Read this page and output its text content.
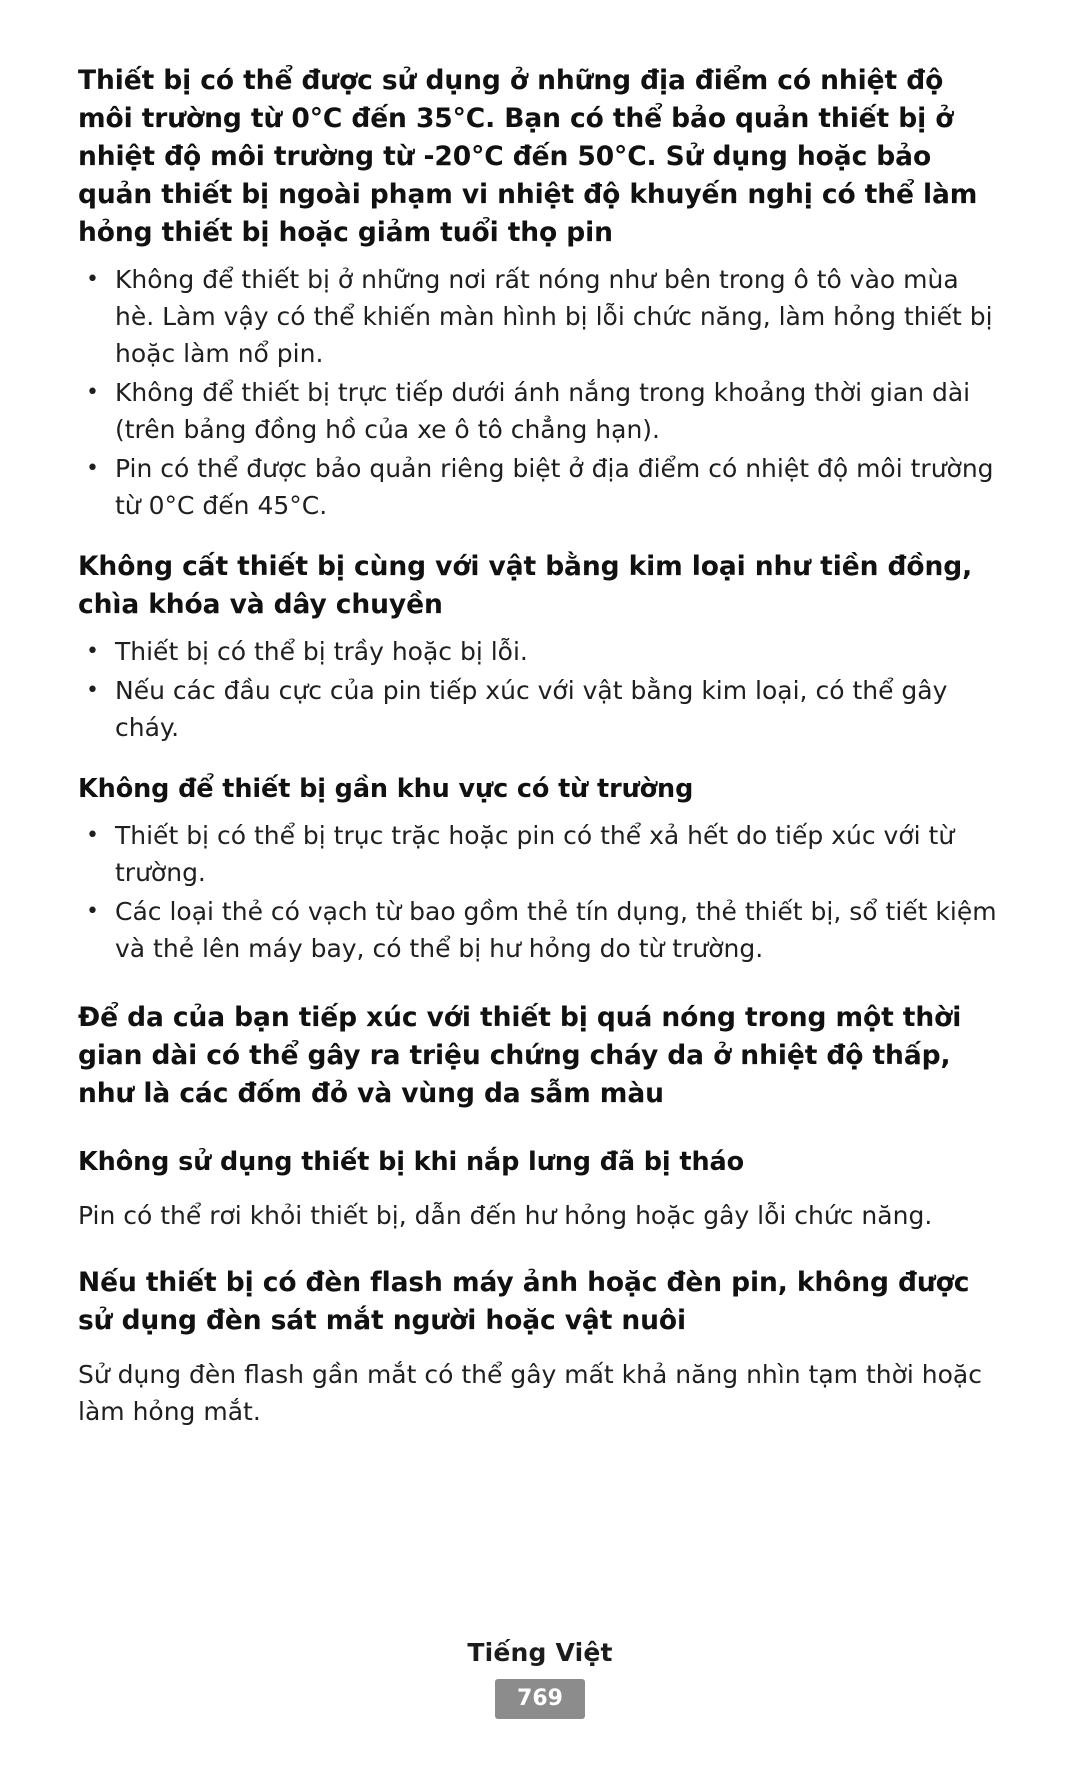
Thiết bị có thể được sử dụng ở những địa điểm có nhiệt độ môi trường từ 0°C đến 35°C. Bạn có thể bảo quản thiết bị ở nhiệt độ môi trường từ -20°C đến 50°C. Sử dụng hoặc bảo quản thiết bị ngoài phạm vi nhiệt độ khuyến nghị có thể làm hỏng thiết bị hoặc giảm tuổi thọ pin
• Không để thiết bị ở những nơi rất nóng như bên trong ô tô vào mùa hè. Làm vậy có thể khiến màn hình bị lỗi chức năng, làm hỏng thiết bị hoặc làm nổ pin.
• Không để thiết bị trực tiếp dưới ánh nắng trong khoảng thời gian dài (trên bảng đồng hồ của xe ô tô chẳng hạn).
• Pin có thể được bảo quản riêng biệt ở địa điểm có nhiệt độ môi trường từ 0°C đến 45°C.
Không cất thiết bị cùng với vật bằng kim loại như tiền đồng, chìa khóa và dây chuyền
• Thiết bị có thể bị trầy hoặc bị lỗi.
• Nếu các đầu cực của pin tiếp xúc với vật bằng kim loại, có thể gây cháy.
Không để thiết bị gần khu vực có từ trường
• Thiết bị có thể bị trục trặc hoặc pin có thể xả hết do tiếp xúc với từ trường.
• Các loại thẻ có vạch từ bao gồm thẻ tín dụng, thẻ thiết bị, sổ tiết kiệm và thẻ lên máy bay, có thể bị hư hỏng do từ trường.
Để da của bạn tiếp xúc với thiết bị quá nóng trong một thời gian dài có thể gây ra triệu chứng cháy da ở nhiệt độ thấp, như là các đốm đỏ và vùng da sẫm màu
Không sử dụng thiết bị khi nắp lưng đã bị tháo

Pin có thể rơi khỏi thiết bị, dẫn đến hư hỏng hoặc gây lỗi chức năng.

Nếu thiết bị có đèn flash máy ảnh hoặc đèn pin, không được sử dụng đèn sát mắt người hoặc vật nuôi

Sử dụng đèn flash gần mắt có thể gây mất khả năng nhìn tạm thời hoặc làm hỏng mắt.

Tiếng Việt
769
